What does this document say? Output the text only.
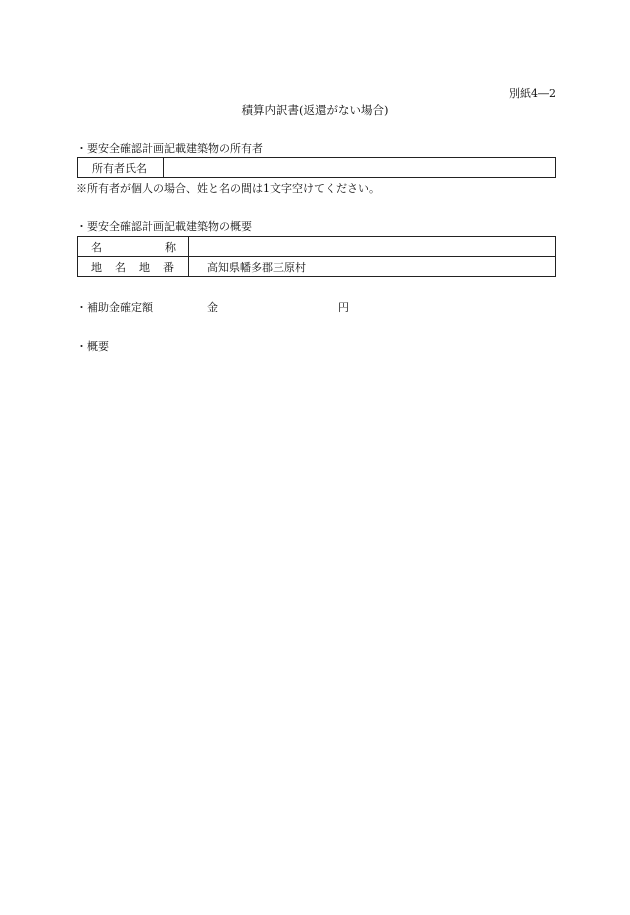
別紙4―2
積算内訳書(返還がない場合)
・要安全確認計画記載建築物の所有者
所有者氏名	
※所有者が個人の場合、姓と名の間は1文字空けてください。
・要安全確認計画記載建築物の概要
名 称	

地 名 地 番	高知県幡多郡三原村
・補助金確定額	金	円
・概要
